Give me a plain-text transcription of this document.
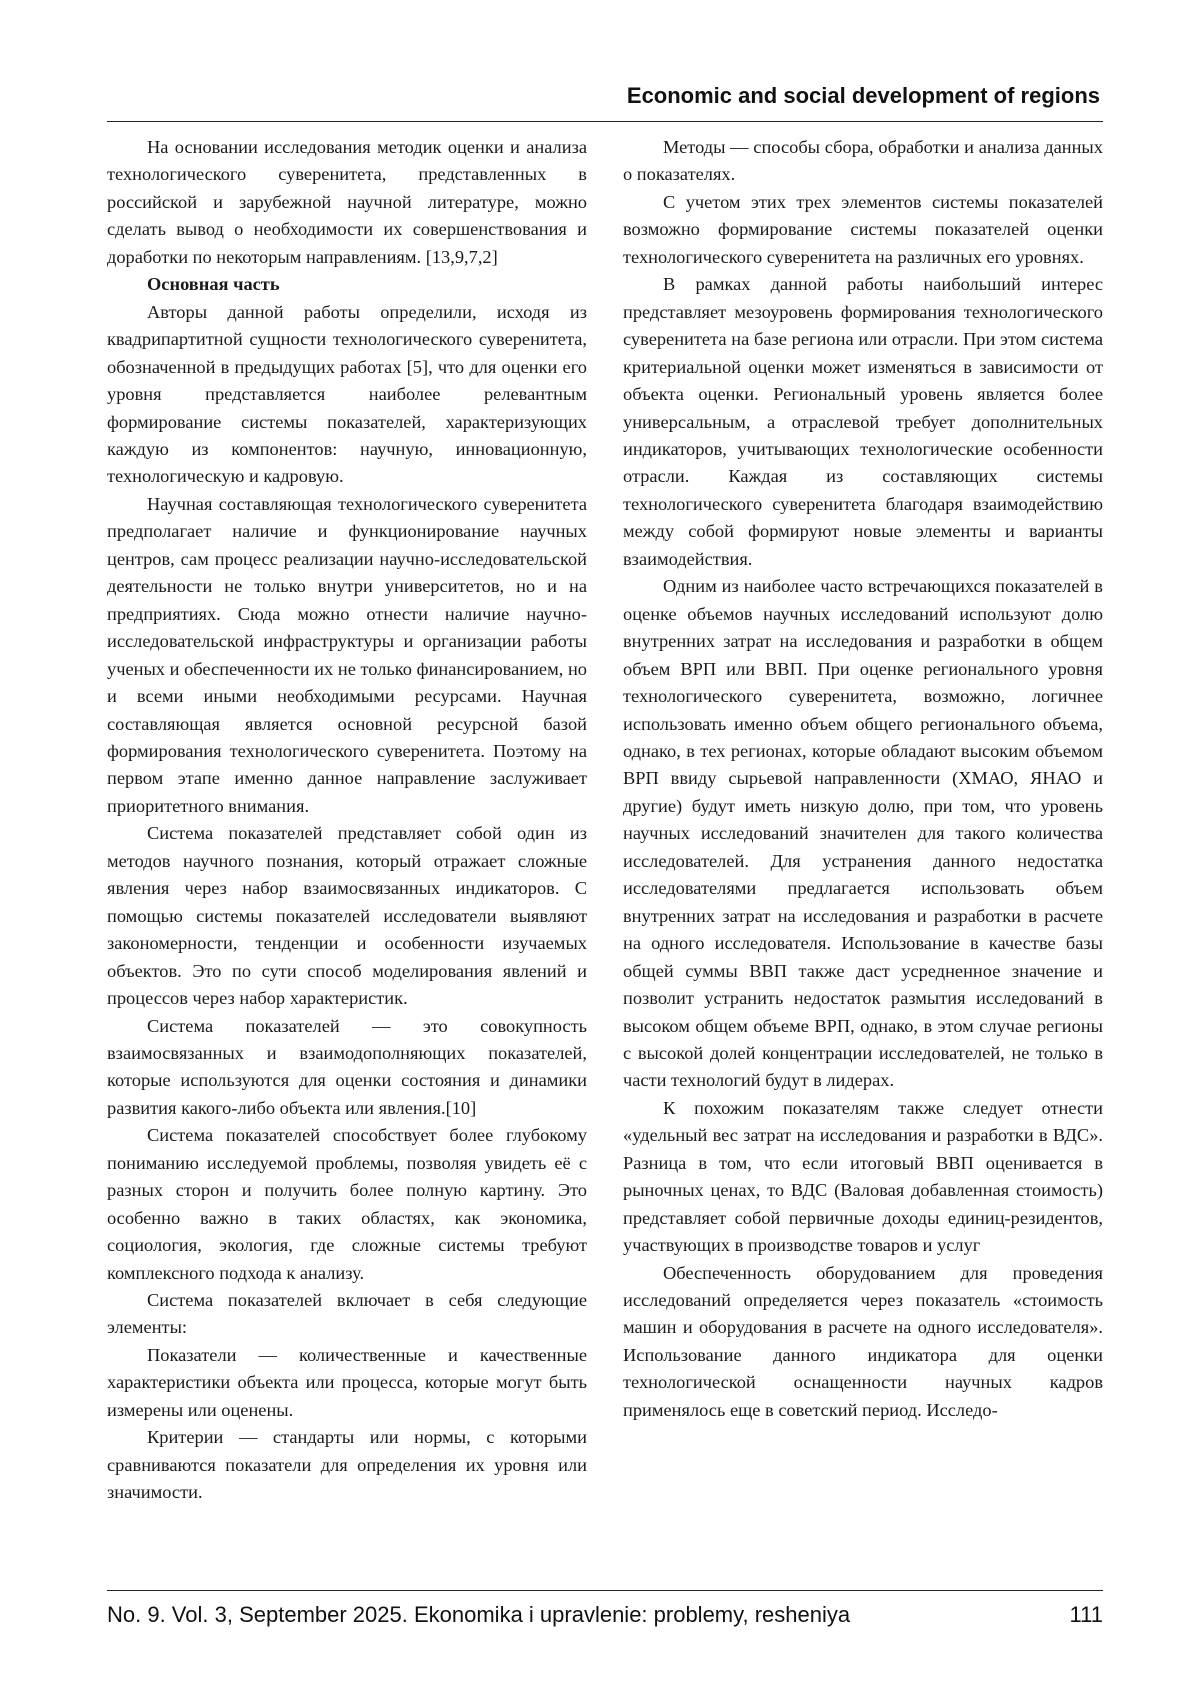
Economic and social development of regions

На основании исследования методик оценки и анализа технологического суверенитета, представленных в российской и зарубежной научной литературе, можно сделать вывод о необходимости их совершенствования и доработки по некоторым направлениям. [13,9,7,2]

Основная часть

Авторы данной работы определили, исходя из квадрипартитной сущности технологического суверенитета, обозначенной в предыдущих работах [5], что для оценки его уровня представляется наиболее релевантным формирование системы показателей, характеризующих каждую из компонентов: научную, инновационную, технологическую и кадровую.

Научная составляющая технологического суверенитета предполагает наличие и функционирование научных центров, сам процесс реализации научно-исследовательской деятельности не только внутри университетов, но и на предприятиях. Сюда можно отнести наличие научно-исследовательской инфраструктуры и организации работы ученых и обеспеченности их не только финансированием, но и всеми иными необходимыми ресурсами. Научная составляющая является основной ресурсной базой формирования технологического суверенитета. Поэтому на первом этапе именно данное направление заслуживает приоритетного внимания.

Система показателей представляет собой один из методов научного познания, который отражает сложные явления через набор взаимосвязанных индикаторов. С помощью системы показателей исследователи выявляют закономерности, тенденции и особенности изучаемых объектов. Это по сути способ моделирования явлений и процессов через набор характеристик.

Система показателей — это совокупность взаимосвязанных и взаимодополняющих показателей, которые используются для оценки состояния и динамики развития какого-либо объекта или явления.[10]

Система показателей способствует более глубокому пониманию исследуемой проблемы, позволяя увидеть её с разных сторон и получить более полную картину. Это особенно важно в таких областях, как экономика, социология, экология, где сложные системы требуют комплексного подхода к анализу.

Система показателей включает в себя следующие элементы:

Показатели — количественные и качественные характеристики объекта или процесса, которые могут быть измерены или оценены.

Критерии — стандарты или нормы, с которыми сравниваются показатели для определения их уровня или значимости.

Методы — способы сбора, обработки и анализа данных о показателях.

С учетом этих трех элементов системы показателей возможно формирование системы показателей оценки технологического суверенитета на различных его уровнях.

В рамках данной работы наибольший интерес представляет мезоуровень формирования технологического суверенитета на базе региона или отрасли. При этом система критериальной оценки может изменяться в зависимости от объекта оценки. Региональный уровень является более универсальным, а отраслевой требует дополнительных индикаторов, учитывающих технологические особенности отрасли. Каждая из составляющих системы технологического суверенитета благодаря взаимодействию между собой формируют новые элементы и варианты взаимодействия.

Одним из наиболее часто встречающихся показателей в оценке объемов научных исследований используют долю внутренних затрат на исследования и разработки в общем объем ВРП или ВВП. При оценке регионального уровня технологического суверенитета, возможно, логичнее использовать именно объем общего регионального объема, однако, в тех регионах, которые обладают высоким объемом ВРП ввиду сырьевой направленности (ХМАО, ЯНАО и другие) будут иметь низкую долю, при том, что уровень научных исследований значителен для такого количества исследователей. Для устранения данного недостатка исследователями предлагается использовать объем внутренних затрат на исследования и разработки в расчете на одного исследователя. Использование в качестве базы общей суммы ВВП также даст усредненное значение и позволит устранить недостаток размытия исследований в высоком общем объеме ВРП, однако, в этом случае регионы с высокой долей концентрации исследователей, не только в части технологий будут в лидерах.

К похожим показателям также следует отнести «удельный вес затрат на исследования и разработки в ВДС». Разница в том, что если итоговый ВВП оценивается в рыночных ценах, то ВДС (Валовая добавленная стоимость) представляет собой первичные доходы единиц-резидентов, участвующих в производстве товаров и услуг

Обеспеченность оборудованием для проведения исследований определяется через показатель «стоимость машин и оборудования в расчете на одного исследователя». Использование данного индикатора для оценки технологической оснащенности научных кадров применялось еще в советский период. Исследо-

No. 9. Vol. 3, September 2025. Ekonomika i upravlenie: problemy, resheniya	111
